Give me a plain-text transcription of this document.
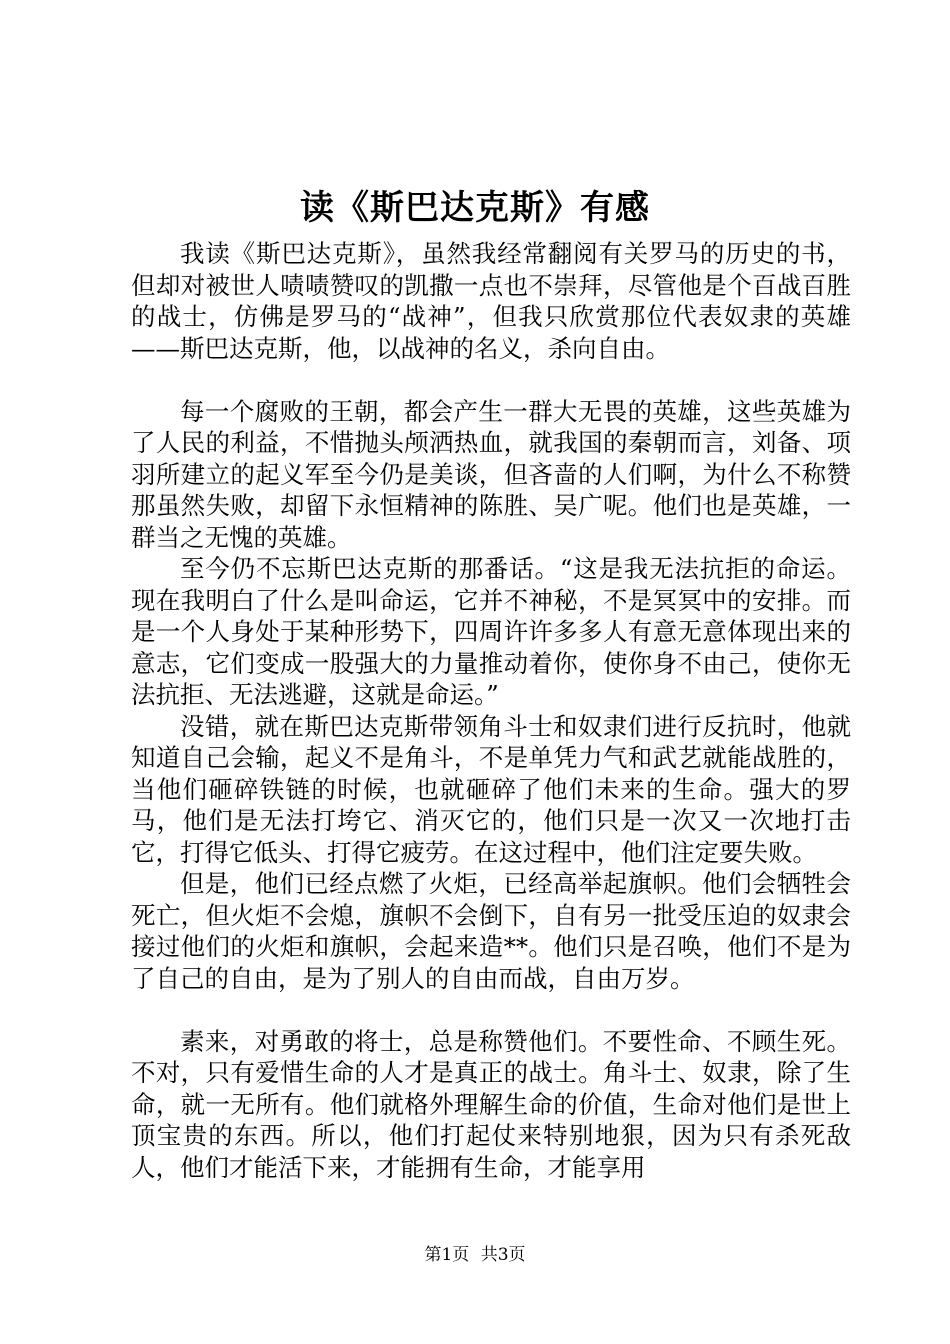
读《斯巴达克斯》有感

我读《斯巴达克斯》，虽然我经常翻阅有关罗马的历史的书，但却对被世人啧啧赞叹的凯撒一点也不崇拜，尽管他是个百战百胜的战士，仿佛是罗马的“战神”，但我只欣赏那位代表奴隶的英雄——斯巴达克斯，他，以战神的名义，杀向自由。

每一个腐败的王朝，都会产生一群大无畏的英雄，这些英雄为了人民的利益，不惜抛头颅洒热血，就我国的秦朝而言，刘备、项羽所建立的起义军至今仍是美谈，但吝啬的人们啊，为什么不称赞那虽然失败，却留下永恒精神的陈胜、吴广呢。他们也是英雄，一群当之无愧的英雄。

至今仍不忘斯巴达克斯的那番话。“这是我无法抗拒的命运。现在我明白了什么是叫命运，它并不神秘，不是冥冥中的安排。而是一个人身处于某种形势下，四周许许多多人有意无意体现出来的意志，它们变成一股强大的力量推动着你，使你身不由己，使你无法抗拒、无法逃避，这就是命运。”

没错，就在斯巴达克斯带领角斗士和奴隶们进行反抗时，他就知道自己会输，起义不是角斗，不是单凭力气和武艺就能战胜的，当他们砸碎铁链的时候，也就砸碎了他们未来的生命。强大的罗马，他们是无法打垮它、消灭它的，他们只是一次又一次地打击它，打得它低头、打得它疲劳。在这过程中，他们注定要失败。

但是，他们已经点燃了火炬，已经高举起旗帜。他们会牺牲会死亡，但火炬不会熄，旗帜不会倒下，自有另一批受压迫的奴隶会接过他们的火炬和旗帜，会起来造**。他们只是召唤，他们不是为了自己的自由，是为了别人的自由而战，自由万岁。

素来，对勇敢的将士，总是称赞他们。不要性命、不顾生死。不对，只有爱惜生命的人才是真正的战士。角斗士、奴隶，除了生命，就一无所有。他们就格外理解生命的价值，生命对他们是世上顶宝贵的东西。所以，他们打起仗来特别地狠，因为只有杀死敌人，他们才能活下来，才能拥有生命，才能享用

第1页 共3页
